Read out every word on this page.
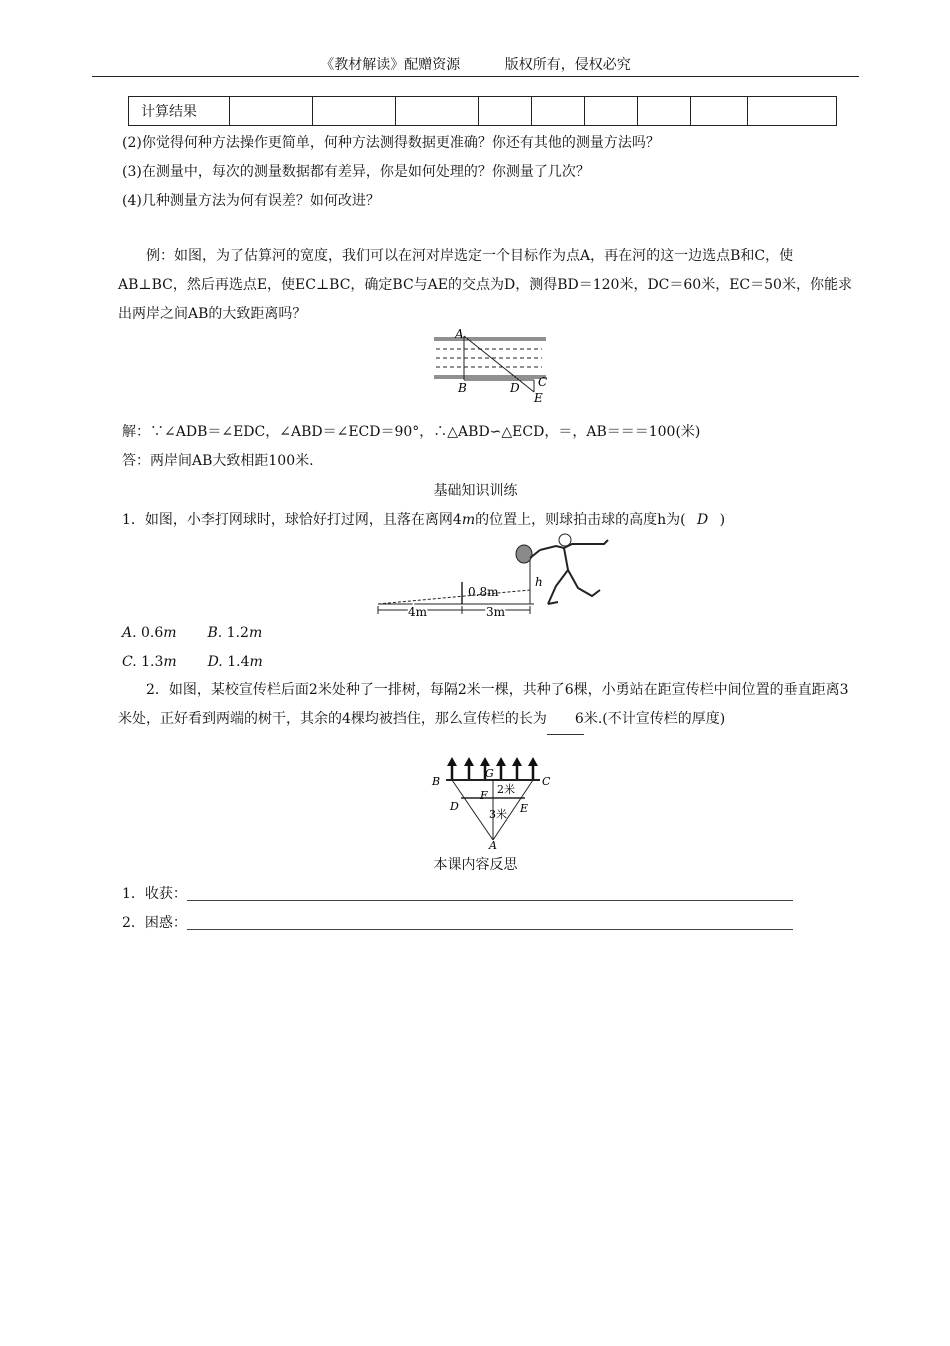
《教材解读》配赠资源	版权所有，侵权必究
计算结果									
(2)你觉得何种方法操作更简单，何种方法测得数据更准确？你还有其他的测量方法吗？
(3)在测量中，每次的测量数据都有差异，你是如何处理的？你测量了几次？
(4)几种测量方法为何有误差？如何改进？
例：如图，为了估算河的宽度，我们可以在河对岸选定一个目标作为点A，再在河的这一边选点B和C，使AB⊥BC，然后再选点E，使EC⊥BC，确定BC与AE的交点为D，测得BD＝120米，DC＝60米，EC＝50米，你能求出两岸之间AB的大致距离吗？
A
B	D C
E
解：∵∠ADB＝∠EDC，∠ABD＝∠ECD＝90°，∴△ABD∽△ECD，＝，AB＝＝＝100(米)
答：两岸间AB大致相距100米.
基础知识训练
1．如图，小李打网球时，球恰好打过网，且落在离网4m的位置上，则球拍击球的高度h为( D )
0.8m
h
4m	3m
A. 0.6m B. 1.2m
C. 1.3m D. 1.4m
2．如图，某校宣传栏后面2米处种了一排树，每隔2米一棵，共种了6棵，小勇站在距宣传栏中间位置的垂直距离3米处，正好看到两端的树干，其余的4棵均被挡住，那么宣传栏的长为 6米.(不计宣传栏的厚度)
B
G
C
D
F
E
A
2米
3米
本课内容反思
1．收获：
2．困惑：
